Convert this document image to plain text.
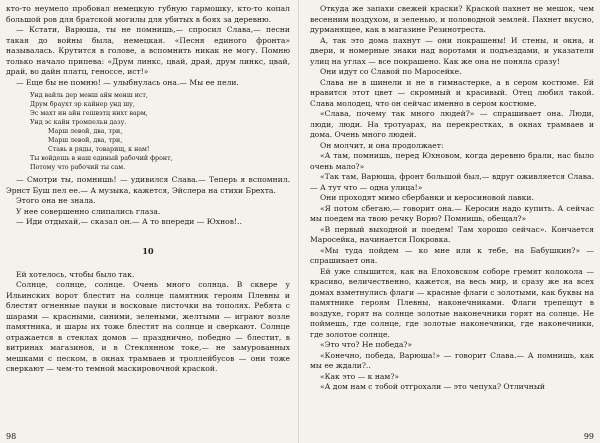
кто-то неумело пробовал немецкую губную гармошку, кто-то копал большой ров для братской могилы для убитых в боях за деревню.

— Кстати, Варюша, ты не помнишь,— спросил Слава,— песни такая до войны была, немецкая. «Песня единого фронта» называлась. Крутится в голове, а вспомнить никак не могу. Помню только начало припева: «Друм линкс, цвай, драй, друм линкс, цвай, драй, во дайн платц, геноссе, ист!»

— Еще бы не помню! — улыбнулась она.— Мы ее пели.

Унд вайль дер менш айн менш ист,
Друм браухт эр кайнер унд шу,
Эс махт ин айн гешвэтц нихт варм,
Унд эс кайн тромпельн дазу.
Марш левой, два, три,
Марш левой, два, три,
Ставь в ряды, товарищ, к нам!
Ты войдешь в наш единый рабочий фронт,
Потому что рабочий ты сам.

— Смотри ты, помнишь! — удивился Слава.— Теперь я вспомнил. Эрнст Буш пел ее.— А музыка, кажется, Эйслера на стихи Брехта.

Этого она не знала.

У нее совершенно слипались глаза.

— Иди отдыхай,— сказал он.— А то впереди — Юхнов!..

10

Ей хотелось, чтобы было так.

Солнце, солнце, солнце. Очень много солнца. В сквере у Ильинских ворот блестит на солнце памятник героям Плевны и блестят огненные пауки и восковые листочки на тополях. Ребята с шарами — красными, синими, зелеными, желтыми — играют возле памятника, и шары их тоже блестят на солнце и сверкают. Солнце отражается в стеклах домов — празднично, победно — блестит, в витринах магазинов, и в Стеклянном токе,— не замурованных мешками с песком, в окнах трамваев и троллейбусов — они тоже сверкают — чем-то темной маскировочной краской.

98

Откуда же запахи свежей краски? Краской пахнет не мешок, чем весенним воздухом, и зеленью, и половодной землей. Пахнет вкусно, дурманящее, как в магазине Резинотреста.

А, так это дома пахнут — они покрашены! И стены, и окна, и двери, и номерные знаки над воротами и подъездами, и указатели улиц на углах — все покрашено. Как же она не поняла сразу!

Они идут со Славой по Маросейке.

Слава не в шинели и не в гимнастерке, а в сером костюме. Ей нравится этот цвет — скромный и красивый. Отец любил такой. Слава молодец, что он сейчас именно в сером костюме.

«Слава, почему так много людей?» — спрашивает она. Люди, люди, люди. На тротуарах, на перекрестках, в окнах трамваев и дома. Очень много людей.

Он молчит, и она продолжает:

«А там, помнишь, перед Юхновом, когда деревню брали, нас было очень мало?»

«Так там, Варюша, фронт большой был,— вдруг оживляется Слава.— А тут что — одна улица!»

Они проходят мимо сбербанки и керосиновой лавки.

«Я потом сбегаю,— говорит она.— Керосин надо купить. А сейчас мы поедем на твою речку Ворю? Помнишь, обещал?»

«В первый выходной и поедем! Там хорошо сейчас». Кончается Маросейка, начинается Покровка.

«Мы туда пойдем — ко мне или к тебе, на Бабушкин?» — спрашивает она.

Ей уже слышится, как на Елоховском соборе гремят колокола — красиво, величественно, кажется, на весь мир, и сразу же на всех домах взметнулись флаги — красные флаги с золотыми, как буквы на памятнике героям Плевны, наконечниками. Флаги трепещут в воздухе, горят на солнце золотые наконечники горят на солнце. Не поймешь, где солнце, где золотые наконечники, где наконечники, где золотое солнце.

«Это что? Не победа?»

«Конечно, победа, Варюша!» — говорит Слава.— А помнишь, как мы ее ждали?..

«Как это — к нам?»

«А дом нам с тобой отгрохали — это чепуха? Отличный

99
